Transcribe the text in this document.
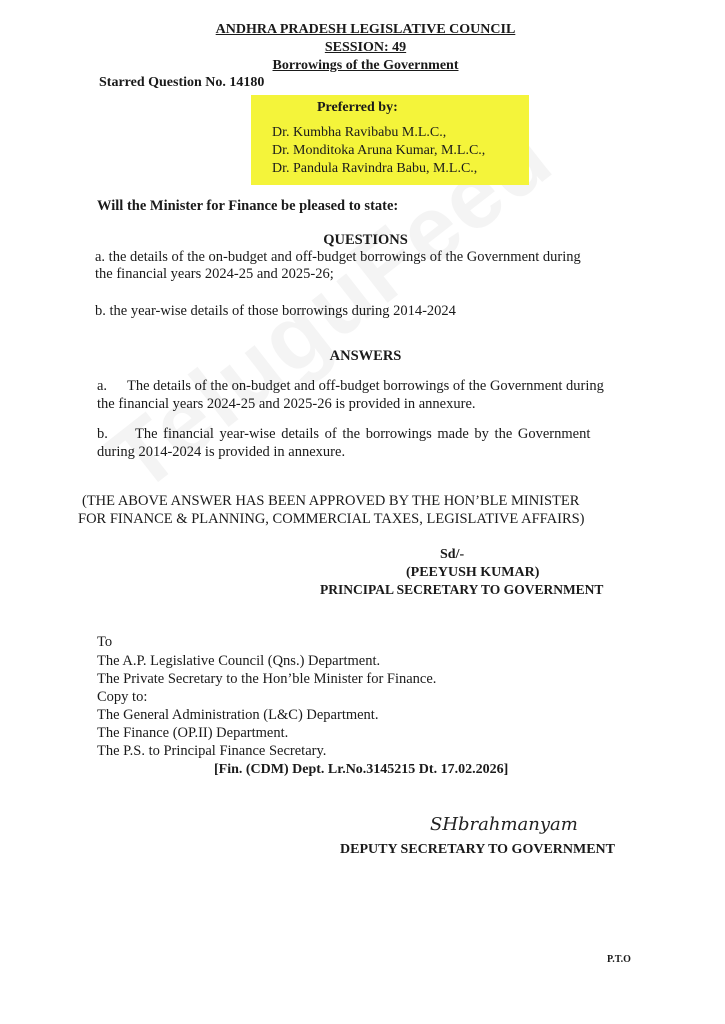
ANDHRA PRADESH LEGISLATIVE COUNCIL
SESSION: 49
Borrowings of the Government
Starred Question No. 14180
Preferred by:
Dr. Kumbha Ravibabu M.L.C.,
Dr. Monditoka Aruna Kumar, M.L.C.,
Dr. Pandula Ravindra Babu, M.L.C.,
Will the Minister for Finance be pleased to state:
QUESTIONS
a. the details of the on-budget and off-budget borrowings of the Government during
the financial years 2024-25 and 2025-26;
b. the year-wise details of those borrowings during 2014-2024
ANSWERS
a. The details of the on-budget and off-budget borrowings of the Government during
the financial years 2024-25 and 2025-26 is provided in annexure.
b. The financial year-wise details of the borrowings made by the Government
during 2014-2024 is provided in annexure.
(THE ABOVE ANSWER HAS BEEN APPROVED BY THE HON’BLE MINISTER
FOR FINANCE & PLANNING, COMMERCIAL TAXES, LEGISLATIVE AFFAIRS)
Sd/-
(PEEYUSH KUMAR)
PRINCIPAL SECRETARY TO GOVERNMENT
To
The A.P. Legislative Council (Qns.) Department.
The Private Secretary to the Hon’ble Minister for Finance.
Copy to:
The General Administration (L&C) Department.
The Finance (OP.II) Department.
The P.S. to Principal Finance Secretary.
[Fin. (CDM) Dept. Lr.No.3145215 Dt. 17.02.2026]
SHbrahmanyam
DEPUTY SECRETARY TO GOVERNMENT
P.T.O
